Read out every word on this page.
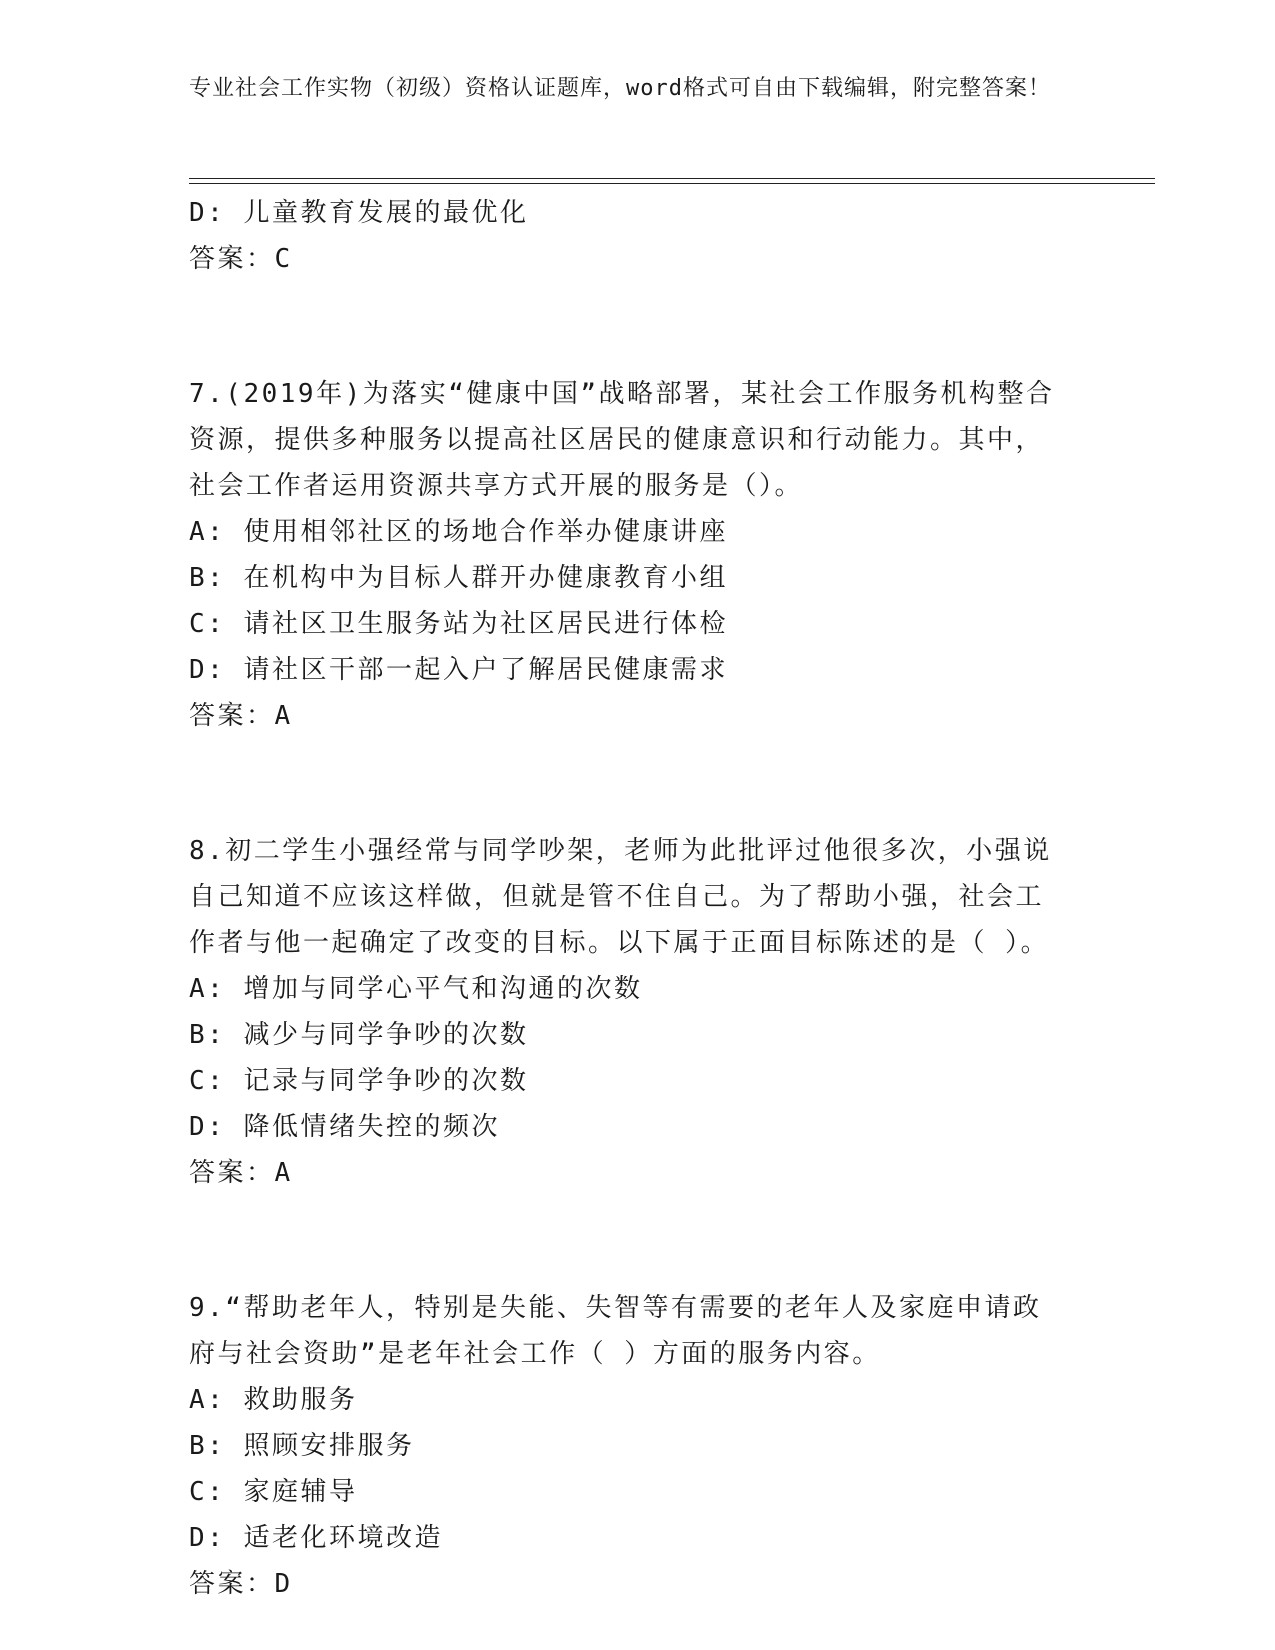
专业社会工作实物（初级）资格认证题库，word格式可自由下载编辑，附完整答案！
D: 儿童教育发展的最优化
答案：C
7.(2019年)为落实“健康中国”战略部署，某社会工作服务机构整合
资源，提供多种服务以提高社区居民的健康意识和行动能力。其中，
社会工作者运用资源共享方式开展的服务是（）。
A: 使用相邻社区的场地合作举办健康讲座
B: 在机构中为目标人群开办健康教育小组
C: 请社区卫生服务站为社区居民进行体检
D: 请社区干部一起入户了解居民健康需求
答案：A
8.初二学生小强经常与同学吵架，老师为此批评过他很多次，小强说
自己知道不应该这样做，但就是管不住自己。为了帮助小强，社会工
作者与他一起确定了改变的目标。以下属于正面目标陈述的是（ ）。
A: 增加与同学心平气和沟通的次数
B: 减少与同学争吵的次数
C: 记录与同学争吵的次数
D: 降低情绪失控的频次
答案：A
9.“帮助老年人，特别是失能、失智等有需要的老年人及家庭申请政
府与社会资助”是老年社会工作（ ）方面的服务内容。
A: 救助服务
B: 照顾安排服务
C: 家庭辅导
D: 适老化环境改造
答案：D
